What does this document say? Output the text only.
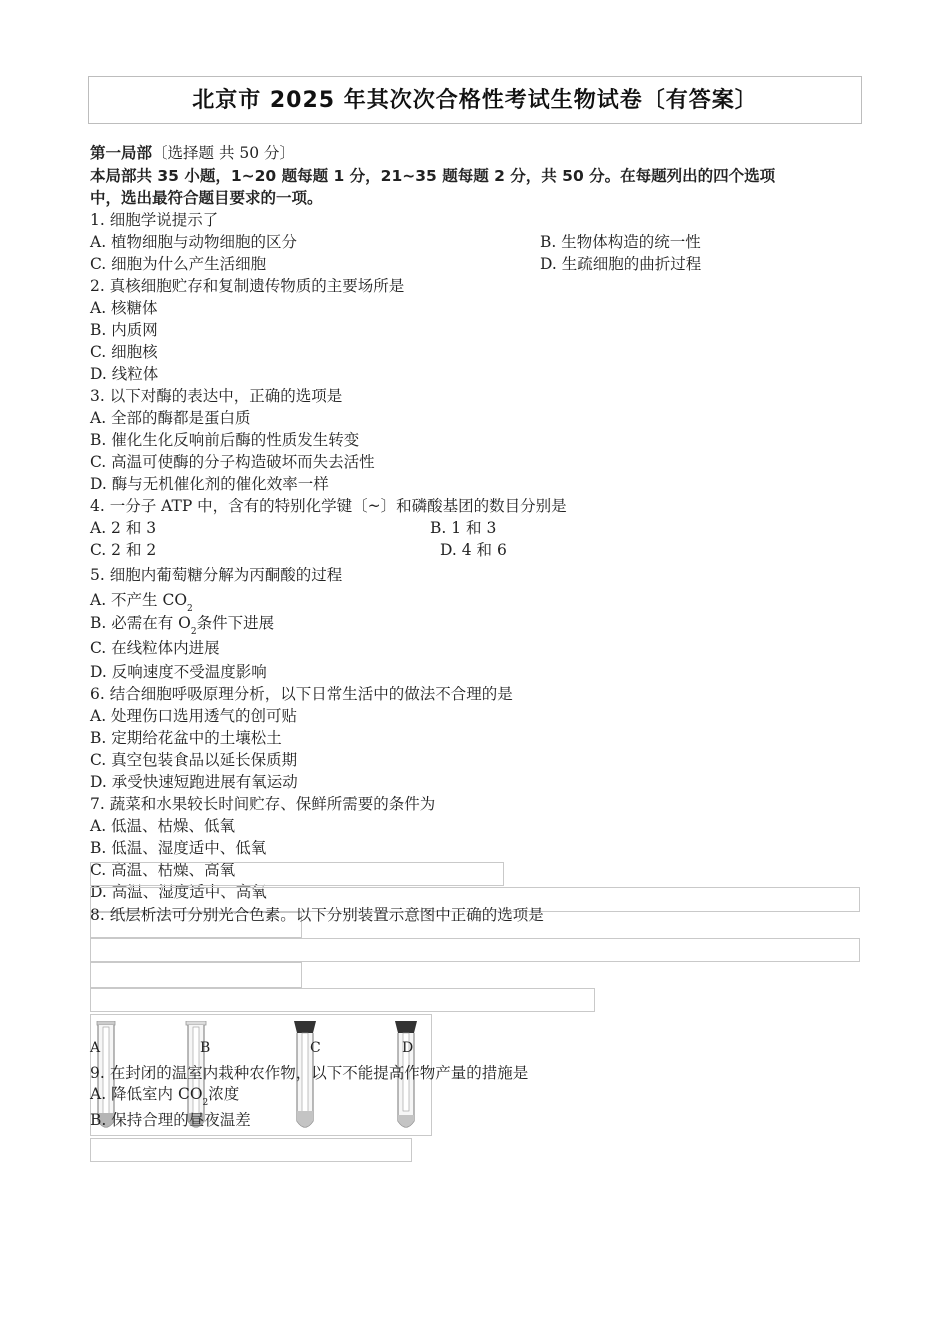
北京市 2025 年其次次合格性考试生物试卷〔有答案〕
第一局部〔选择题 共 50 分〕
本局部共 35 小题，1~20 题每题 1 分，21~35 题每题 2 分，共 50 分。在每题列出的四个选项
中，选出最符合题目要求的一项。
1. 细胞学说提示了
A. 植物细胞与动物细胞的区分	B. 生物体构造的统一性
C. 细胞为什么产生活细胞	D. 生疏细胞的曲折过程
2. 真核细胞贮存和复制遗传物质的主要场所是
A. 核糖体
B. 内质网
C. 细胞核
D. 线粒体
3. 以下对酶的表达中，正确的选项是
A. 全部的酶都是蛋白质
B. 催化生化反响前后酶的性质发生转变
C. 高温可使酶的分子构造破坏而失去活性
D. 酶与无机催化剂的催化效率一样
4. 一分子 ATP 中，含有的特别化学键〔~〕和磷酸基团的数目分别是
A. 2 和 3	B. 1 和 3
C. 2 和 2	D. 4 和 6
5. 细胞内葡萄糖分解为丙酮酸的过程
A. 不产生 $CO_2$
B. 必需在有 $O_2$条件下进展
C. 在线粒体内进展
D. 反响速度不受温度影响
6. 结合细胞呼吸原理分析，以下日常生活中的做法不合理的是
A. 处理伤口选用透气的创可贴
B. 定期给花盆中的土壤松土
C. 真空包装食品以延长保质期
D. 承受快速短跑进展有氧运动
7. 蔬菜和水果较长时间贮存、保鲜所需要的条件为
A. 低温、枯燥、低氧
B. 低温、湿度适中、低氧
C. 高温、枯燥、高氧
D. 高温、湿度适中、高氧
8. 纸层析法可分别光合色素。以下分别装置示意图中正确的选项是
A	B	C	D
9. 在封闭的温室内栽种农作物，以下不能提高作物产量的措施是
A. 降低室内 $CO_2$浓度
B. 保持合理的昼夜温差
